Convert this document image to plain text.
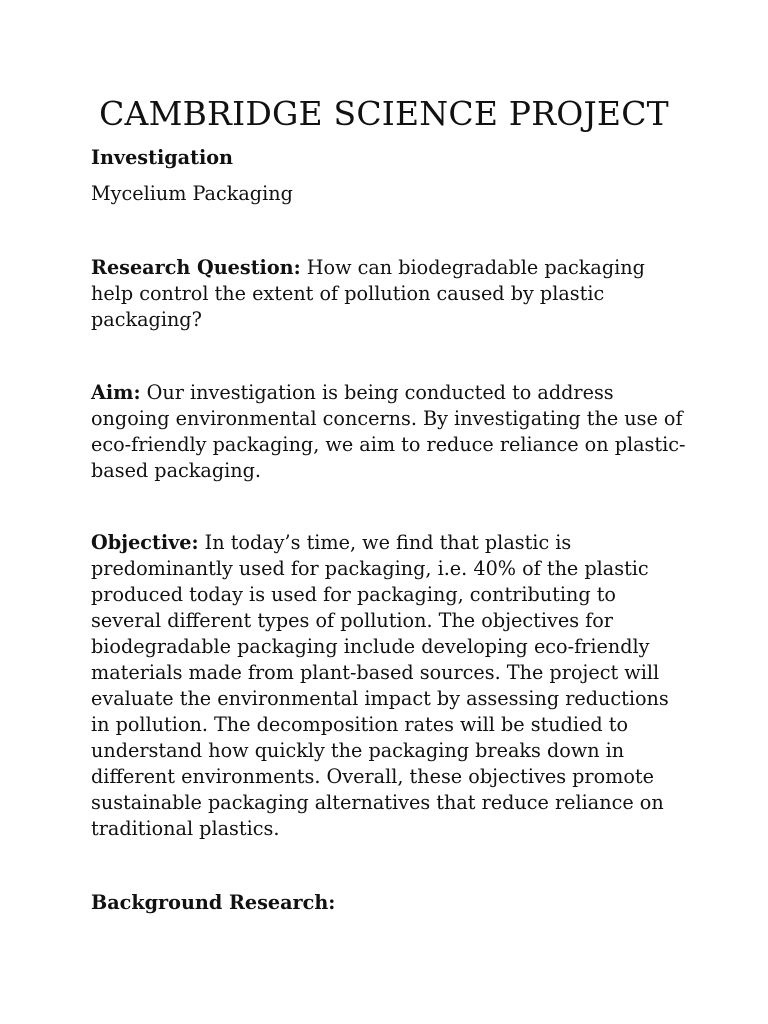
CAMBRIDGE SCIENCE PROJECT

Investigation

Mycelium Packaging

Research Question: How can biodegradable packaging help control the extent of pollution caused by plastic packaging?

Aim: Our investigation is being conducted to address ongoing environmental concerns. By investigating the use of eco-friendly packaging, we aim to reduce reliance on plastic-based packaging.

Objective: In today’s time, we find that plastic is predominantly used for packaging, i.e. 40% of the plastic produced today is used for packaging, contributing to several different types of pollution. The objectives for biodegradable packaging include developing eco-friendly materials made from plant-based sources. The project will evaluate the environmental impact by assessing reductions in pollution. The decomposition rates will be studied to understand how quickly the packaging breaks down in different environments. Overall, these objectives promote sustainable packaging alternatives that reduce reliance on traditional plastics.

Background Research:
